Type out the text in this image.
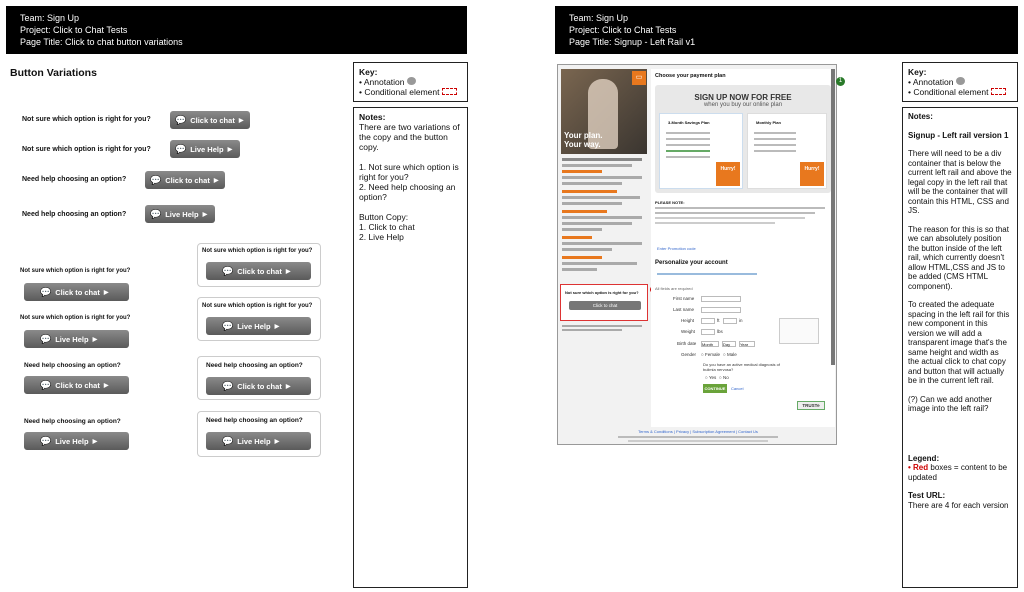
Team: Sign Up
Project: Click to Chat Tests
Page Title: Click to chat button variations
Team: Sign Up
Project: Click to Chat Tests
Page Title: Signup - Left Rail v1
Button Variations
Not sure which option is right for you?	💬 Click to chat ▶
Not sure which option is right for you?	💬 Live Help ▶
Need help choosing an option?	💬 Click to chat ▶
Need help choosing an option?	💬 Live Help ▶
Not sure which option is right for you?
💬 Click to chat ▶
Not sure which option is right for you?
💬 Live Help ▶
Need help choosing an option?
💬 Click to chat ▶
Need help choosing an option?
💬 Live Help ▶
Not sure which option is right for you?
💬 Click to chat ▶
Not sure which option is right for you?
💬 Live Help ▶
Need help choosing an option?
💬 Click to chat ▶
Need help choosing an option?
💬 Live Help ▶
Key:
• Annotation
• Conditional element
Notes:
There are two variations of the copy and the button copy.
1. Not sure which option is right for you?
2. Need help choosing an option?
Button Copy:
1. Click to chat
2. Live Help
Key:
• Annotation
• Conditional element
Notes:
Signup - Left rail version 1
There will need to be a div container that is below the current left rail and above the legal copy in the left rail that will be the container that will contain this HTML, CSS and JS.
The reason for this is so that we can absolutely position the button inside of the left rail, which currently doesn't allow HTML,CSS and JS to be added (CMS HTML component).
To created the adequate spacing in the left rail for this new component in this version we will add a transparent image that's the same height and width as the actual click to chat copy and button that will actually be in the current left rail.
(?) Can we add another image into the left rail?
Legend:
• Red boxes = content to be updated
Test URL:
There are 4 for each version
▭
Your plan.
Your way.
Not sure which option is right for you?
Click to chat
Choose your payment plan
SIGN UP NOW FOR FREE
when you buy our online plan
3-Month Savings Plan
Hurry!
Monthly Plan
Hurry!
PLEASE NOTE:
Enter Promotion code
Personalize your account
All fields are required
First name
Last name
Height	ft	in
Weight	lbs
Birth date Month	Day	Year
Gender ○ Female ○ Male
Do you have an active medical diagnosis of bulimia nervosa?
○ Yes ○ No
CONTINUE	Cancel
TRUSTe
Terms & Conditions | Privacy | Subscription Agreement | Contact Us
1
